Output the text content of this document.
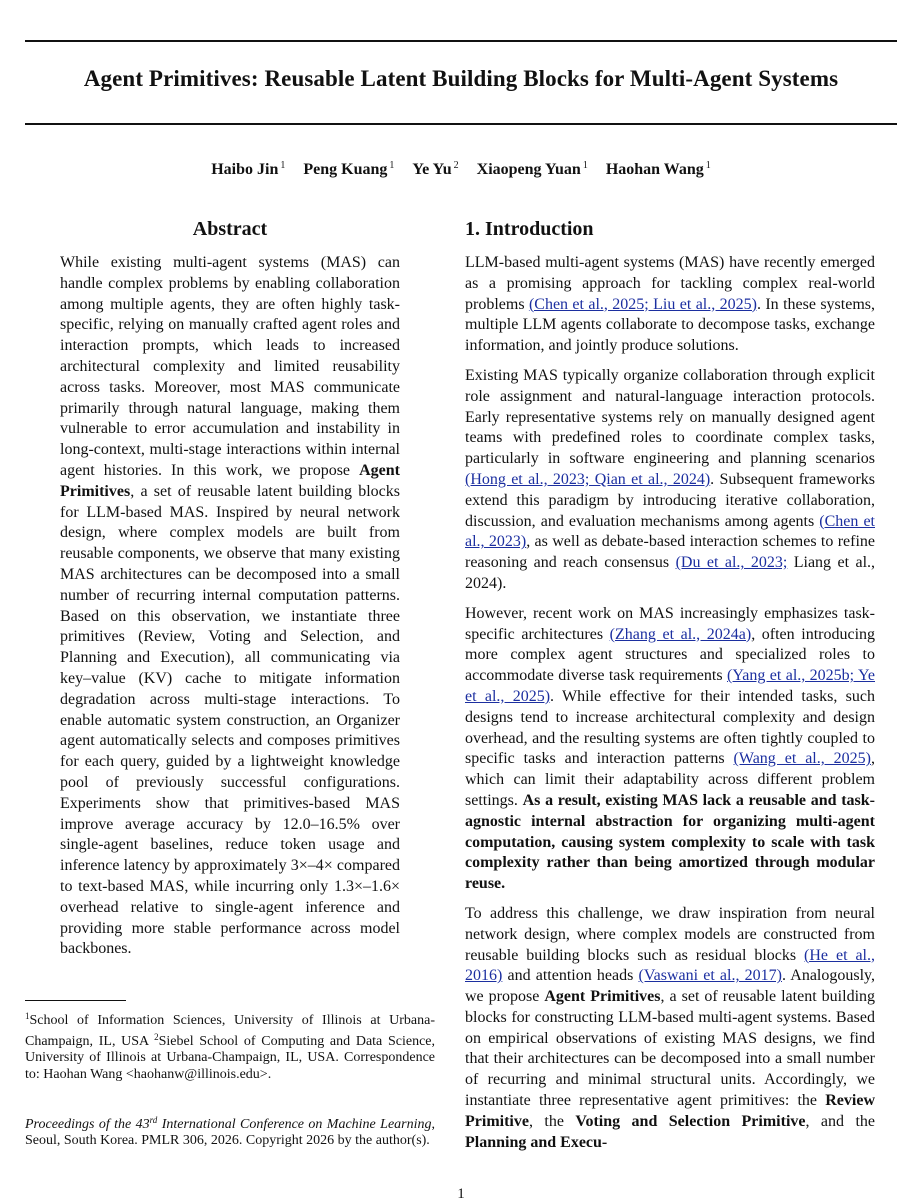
Agent Primitives: Reusable Latent Building Blocks for Multi-Agent Systems
Haibo Jin $^1$ Peng Kuang $^1$ Ye Yu $^2$ Xiaopeng Yuan $^1$ Haohan Wang $^1$
Abstract

While existing multi-agent systems (MAS) can handle complex problems by enabling collaboration among multiple agents, they are often highly task-specific, relying on manually crafted agent roles and interaction prompts, which leads to increased architectural complexity and limited reusability across tasks. Moreover, most MAS communicate primarily through natural language, making them vulnerable to error accumulation and instability in long-context, multi-stage interactions within internal agent histories. In this work, we propose Agent Primitives, a set of reusable latent building blocks for LLM-based MAS. Inspired by neural network design, where complex models are built from reusable components, we observe that many existing MAS architectures can be decomposed into a small number of recurring internal computation patterns. Based on this observation, we instantiate three primitives (Review, Voting and Selection, and Planning and Execution), all communicating via key–value (KV) cache to mitigate information degradation across multi-stage interactions. To enable automatic system construction, an Organizer agent automatically selects and composes primitives for each query, guided by a lightweight knowledge pool of previously successful configurations. Experiments show that primitives-based MAS improve average accuracy by 12.0–16.5% over single-agent baselines, reduce token usage and inference latency by approximately 3×–4× compared to text-based MAS, while incurring only 1.3×–1.6× overhead relative to single-agent inference and providing more stable performance across model backbones.

1. Introduction

LLM-based multi-agent systems (MAS) have recently emerged as a promising approach for tackling complex real-world problems (Chen et al., 2025; Liu et al., 2025). In these systems, multiple LLM agents collaborate to decompose tasks, exchange information, and jointly produce solutions.

Existing MAS typically organize collaboration through explicit role assignment and natural-language interaction protocols. Early representative systems rely on manually designed agent teams with predefined roles to coordinate complex tasks, particularly in software engineering and planning scenarios (Hong et al., 2023; Qian et al., 2024). Subsequent frameworks extend this paradigm by introducing iterative collaboration, discussion, and evaluation mechanisms among agents (Chen et al., 2023), as well as debate-based interaction schemes to refine reasoning and reach consensus (Du et al., 2023; Liang et al., 2024).

However, recent work on MAS increasingly emphasizes task-specific architectures (Zhang et al., 2024a), often introducing more complex agent structures and specialized roles to accommodate diverse task requirements (Yang et al., 2025b; Ye et al., 2025). While effective for their intended tasks, such designs tend to increase architectural complexity and design overhead, and the resulting systems are often tightly coupled to specific tasks and interaction patterns (Wang et al., 2025), which can limit their adaptability across different problem settings. As a result, existing MAS lack a reusable and task-agnostic internal abstraction for organizing multi-agent computation, causing system complexity to scale with task complexity rather than being amortized through modular reuse.

To address this challenge, we draw inspiration from neural network design, where complex models are constructed from reusable building blocks such as residual blocks (He et al., 2016) and attention heads (Vaswani et al., 2017). Analogously, we propose Agent Primitives, a set of reusable latent building blocks for constructing LLM-based multi-agent systems. Based on empirical observations of existing MAS designs, we find that their architectures can be decomposed into a small number of recurring and minimal structural units. Accordingly, we instantiate three representative agent primitives: the Review Primitive, the Voting and Selection Primitive, and the Planning and Execu-

$^1$School of Information Sciences, University of Illinois at Urbana-Champaign, IL, USA $^2$Siebel School of Computing and Data Science, University of Illinois at Urbana-Champaign, IL, USA. Correspondence to: Haohan Wang <haohanw@illinois.edu>.

Proceedings of the 43rd International Conference on Machine Learning, Seoul, South Korea. PMLR 306, 2026. Copyright 2026 by the author(s).

1
